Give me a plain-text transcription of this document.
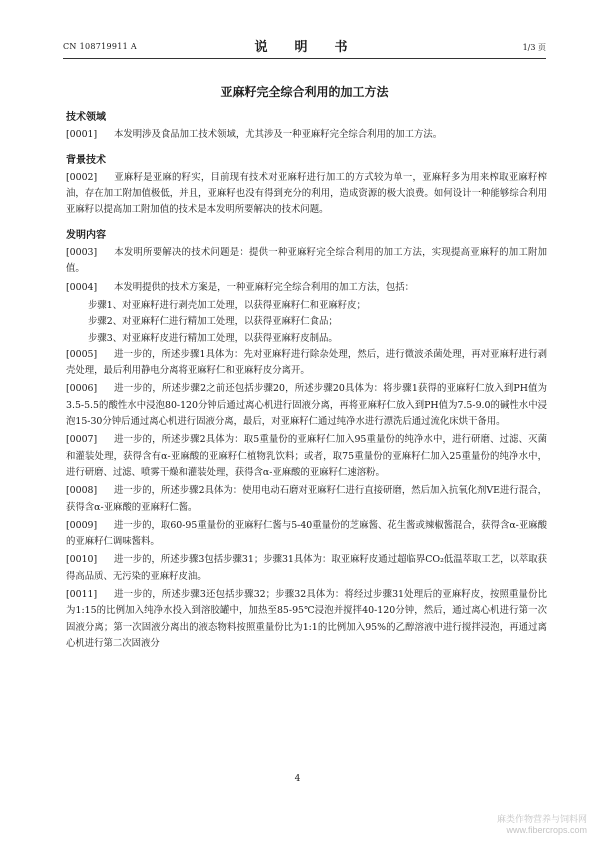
CN 108719911 A	说　明　书	1/3 页
亚麻籽完全综合利用的加工方法
技术领域
[0001] 本发明涉及食品加工技术领域，尤其涉及一种亚麻籽完全综合利用的加工方法。
背景技术
[0002] 亚麻籽是亚麻的籽实，目前现有技术对亚麻籽进行加工的方式较为单一，亚麻籽多为用来榨取亚麻籽榨油，存在加工附加值极低，并且，亚麻籽也没有得到充分的利用，造成资源的极大浪费。如何设计一种能够综合利用亚麻籽以提高加工附加值的技术是本发明所要解决的技术问题。
发明内容
[0003] 本发明所要解决的技术问题是：提供一种亚麻籽完全综合利用的加工方法，实现提高亚麻籽的加工附加值。
[0004] 本发明提供的技术方案是，一种亚麻籽完全综合利用的加工方法，包括：
步骤1、对亚麻籽进行剥壳加工处理，以获得亚麻籽仁和亚麻籽皮；
步骤2、对亚麻籽仁进行精加工处理，以获得亚麻籽仁食品；
步骤3、对亚麻籽皮进行精加工处理，以获得亚麻籽皮制品。
[0005] 进一步的，所述步骤1具体为：先对亚麻籽进行除杂处理，然后，进行微波杀菌处理，再对亚麻籽进行剥壳处理，最后利用静电分离将亚麻籽仁和亚麻籽皮分离开。
[0006] 进一步的，所述步骤2之前还包括步骤20，所述步骤20具体为：将步骤1获得的亚麻籽仁放入到PH值为3.5-5.5的酸性水中浸泡80-120分钟后通过离心机进行固液分离，再将亚麻籽仁放入到PH值为7.5-9.0的碱性水中浸泡15-30分钟后通过离心机进行固液分离，最后，对亚麻籽仁通过纯净水进行漂洗后通过流化床烘干备用。
[0007] 进一步的，所述步骤2具体为：取5重量份的亚麻籽仁加入95重量份的纯净水中，进行研磨、过滤、灭菌和灌装处理，获得含有α-亚麻酸的亚麻籽仁植物乳饮料；或者，取75重量份的亚麻籽仁加入25重量份的纯净水中，进行研磨、过滤、喷雾干燥和灌装处理，获得含α-亚麻酸的亚麻籽仁速溶粉。
[0008] 进一步的，所述步骤2具体为：使用电动石磨对亚麻籽仁进行直接研磨，然后加入抗氧化剂VE进行混合，获得含α-亚麻酸的亚麻籽仁酱。
[0009] 进一步的，取60-95重量份的亚麻籽仁酱与5-40重量份的芝麻酱、花生酱或辣椒酱混合，获得含α-亚麻酸的亚麻籽仁调味酱料。
[0010] 进一步的，所述步骤3包括步骤31；步骤31具体为：取亚麻籽皮通过超临界CO₂低温萃取工艺，以萃取获得高品质、无污染的亚麻籽皮油。
[0011] 进一步的，所述步骤3还包括步骤32；步骤32具体为：将经过步骤31处理后的亚麻籽皮，按照重量份比为1:15的比例加入纯净水投入到溶胶罐中，加热至85-95℃浸泡并搅拌40-120分钟，然后，通过离心机进行第一次固液分离；第一次固液分离出的液态物料按照重量份比为1:1的比例加入95%的乙醇溶液中进行搅拌浸泡，再通过离心机进行第二次固液分
4
麻类作物营养与饲料网
www.fibercrops.com
